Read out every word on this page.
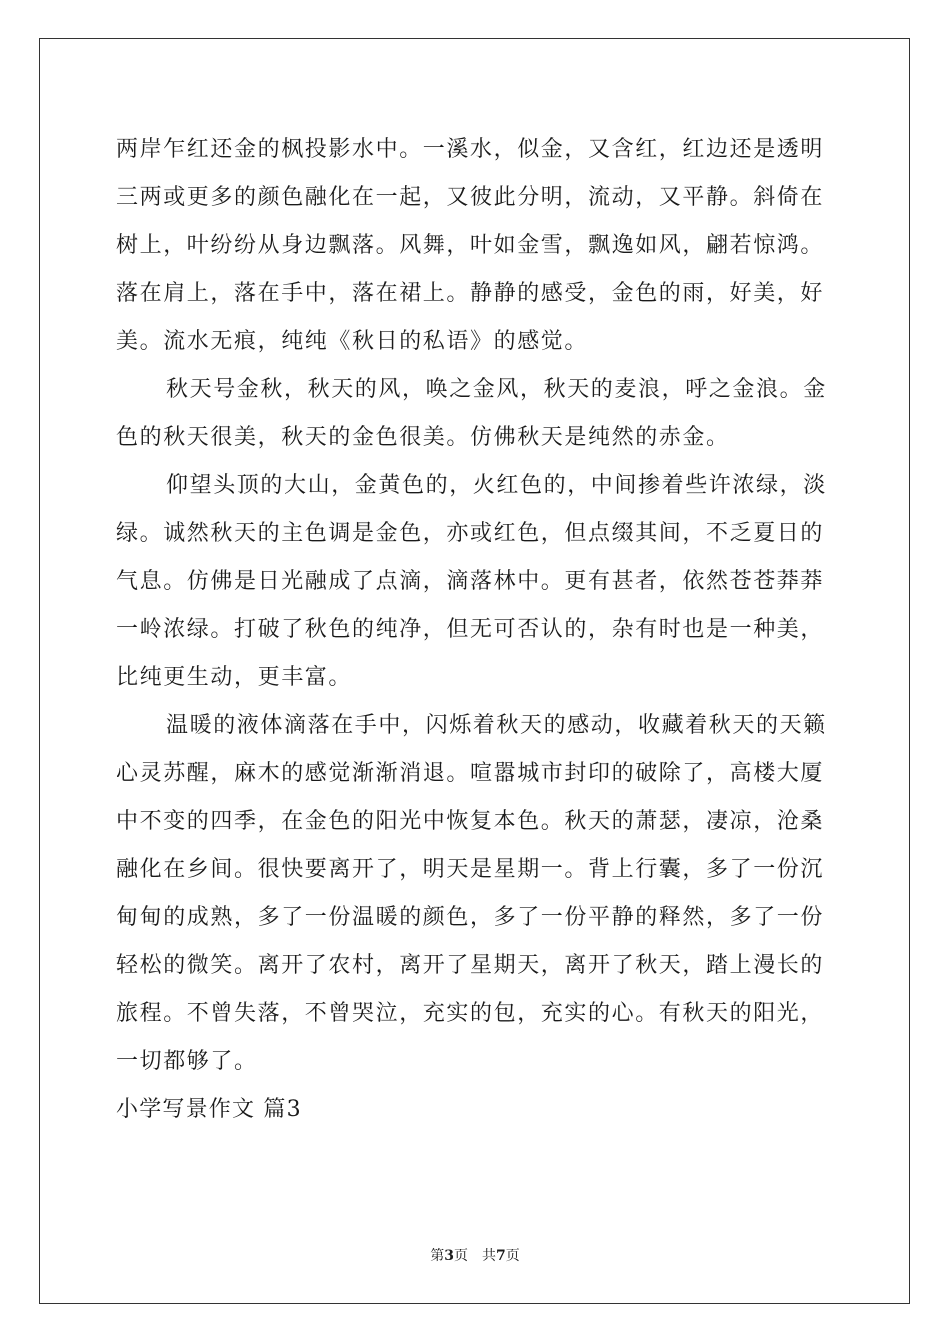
两岸乍红还金的枫投影水中。一溪水，似金，又含红，红边还是透明
三两或更多的颜色融化在一起，又彼此分明，流动，又平静。斜倚在
树上，叶纷纷从身边飘落。风舞，叶如金雪，飘逸如风，翩若惊鸿。
落在肩上，落在手中，落在裙上。静静的感受，金色的雨，好美，好
美。流水无痕，纯纯《秋日的私语》的感觉。
秋天号金秋，秋天的风，唤之金风，秋天的麦浪，呼之金浪。金
色的秋天很美，秋天的金色很美。仿佛秋天是纯然的赤金。
仰望头顶的大山，金黄色的，火红色的，中间掺着些许浓绿，淡
绿。诚然秋天的主色调是金色，亦或红色，但点缀其间，不乏夏日的
气息。仿佛是日光融成了点滴，滴落林中。更有甚者，依然苍苍莽莽
一岭浓绿。打破了秋色的纯净，但无可否认的，杂有时也是一种美，
比纯更生动，更丰富。
温暖的液体滴落在手中，闪烁着秋天的感动，收藏着秋天的天籁
心灵苏醒，麻木的感觉渐渐消退。喧嚣城市封印的破除了，高楼大厦
中不变的四季，在金色的阳光中恢复本色。秋天的萧瑟，凄凉，沧桑
融化在乡间。很快要离开了，明天是星期一。背上行囊，多了一份沉
甸甸的成熟，多了一份温暖的颜色，多了一份平静的释然，多了一份
轻松的微笑。离开了农村，离开了星期天，离开了秋天，踏上漫长的
旅程。不曾失落，不曾哭泣，充实的包，充实的心。有秋天的阳光，
一切都够了。
小学写景作文 篇3
第3页　共7页
